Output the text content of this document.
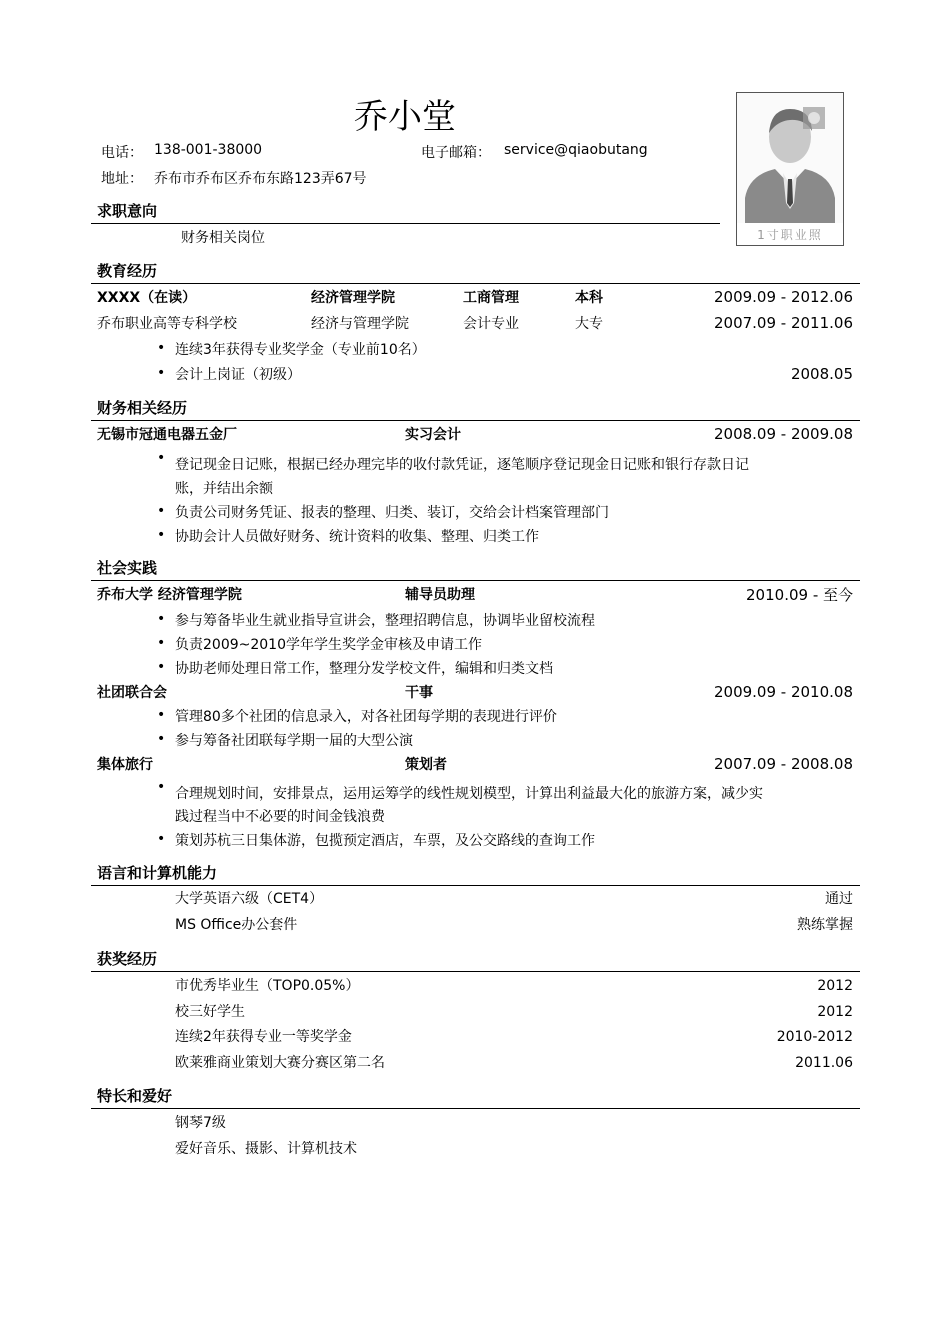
乔小堂
电话： 138-001-38000	电子邮箱： service@qiaobutang
地址： 乔布市乔布区乔布东路123弄67号
1寸职业照
求职意向
财务相关岗位
教育经历
XXXX（在读）	经济管理学院	工商管理	本科	2009.09 - 2012.06
乔布职业高等专科学校	经济与管理学院	会计专业	大专	2007.09 - 2011.06
• 连续3年获得专业奖学金（专业前10名）
• 会计上岗证（初级）	2008.05
财务相关经历
无锡市冠通电器五金厂	实习会计	2008.09 - 2009.08
• 登记现金日记账，根据已经办理完毕的收付款凭证，逐笔顺序登记现金日记账和银行存款日记
账，并结出余额
• 负责公司财务凭证、报表的整理、归类、装订，交给会计档案管理部门
• 协助会计人员做好财务、统计资料的收集、整理、归类工作
社会实践
乔布大学 经济管理学院	辅导员助理	2010.09 - 至今
• 参与筹备毕业生就业指导宣讲会，整理招聘信息，协调毕业留校流程
• 负责2009~2010学年学生奖学金审核及申请工作
• 协助老师处理日常工作，整理分发学校文件，编辑和归类文档
社团联合会	干事	2009.09 - 2010.08
• 管理80多个社团的信息录入，对各社团每学期的表现进行评价
• 参与筹备社团联每学期一届的大型公演
集体旅行	策划者	2007.09 - 2008.08
• 合理规划时间，安排景点，运用运筹学的线性规划模型，计算出利益最大化的旅游方案，减少实
践过程当中不必要的时间金钱浪费
• 策划苏杭三日集体游，包揽预定酒店，车票，及公交路线的查询工作
语言和计算机能力
大学英语六级（CET4）	通过
MS Office办公套件	熟练掌握
获奖经历
市优秀毕业生（TOP0.05%）	2012
校三好学生	2012
连续2年获得专业一等奖学金	2010-2012
欧莱雅商业策划大赛分赛区第二名	2011.06
特长和爱好
钢琴7级
爱好音乐、摄影、计算机技术
